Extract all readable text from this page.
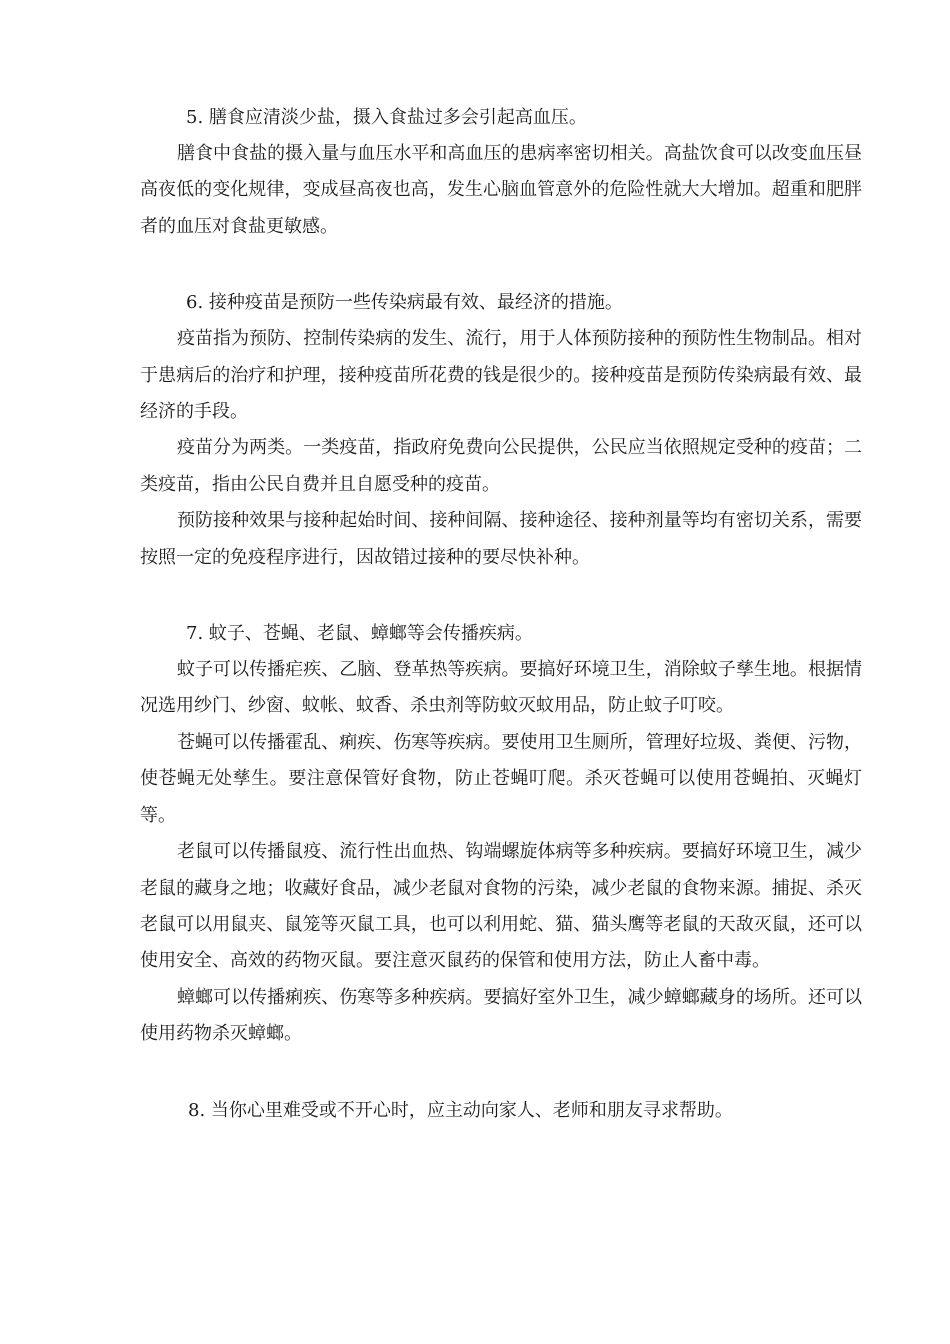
5. 膳食应清淡少盐，摄入食盐过多会引起高血压。

膳食中食盐的摄入量与血压水平和高血压的患病率密切相关。高盐饮食可以改变血压昼高夜低的变化规律，变成昼高夜也高，发生心脑血管意外的危险性就大大增加。超重和肥胖者的血压对食盐更敏感。

6. 接种疫苗是预防一些传染病最有效、最经济的措施。

疫苗指为预防、控制传染病的发生、流行，用于人体预防接种的预防性生物制品。相对于患病后的治疗和护理，接种疫苗所花费的钱是很少的。接种疫苗是预防传染病最有效、最经济的手段。

疫苗分为两类。一类疫苗，指政府免费向公民提供，公民应当依照规定受种的疫苗；二类疫苗，指由公民自费并且自愿受种的疫苗。

预防接种效果与接种起始时间、接种间隔、接种途径、接种剂量等均有密切关系，需要按照一定的免疫程序进行，因故错过接种的要尽快补种。

7. 蚊子、苍蝇、老鼠、蟑螂等会传播疾病。

蚊子可以传播疟疾、乙脑、登革热等疾病。要搞好环境卫生，消除蚊子孳生地。根据情况选用纱门、纱窗、蚊帐、蚊香、杀虫剂等防蚊灭蚊用品，防止蚊子叮咬。

苍蝇可以传播霍乱、痢疾、伤寒等疾病。要使用卫生厕所，管理好垃圾、粪便、污物，使苍蝇无处孳生。要注意保管好食物，防止苍蝇叮爬。杀灭苍蝇可以使用苍蝇拍、灭蝇灯等。

老鼠可以传播鼠疫、流行性出血热、钩端螺旋体病等多种疾病。要搞好环境卫生，减少老鼠的藏身之地；收藏好食品，减少老鼠对食物的污染，减少老鼠的食物来源。捕捉、杀灭老鼠可以用鼠夹、鼠笼等灭鼠工具，也可以利用蛇、猫、猫头鹰等老鼠的天敌灭鼠，还可以使用安全、高效的药物灭鼠。要注意灭鼠药的保管和使用方法，防止人畜中毒。

蟑螂可以传播痢疾、伤寒等多种疾病。要搞好室外卫生，减少蟑螂藏身的场所。还可以使用药物杀灭蟑螂。

8. 当你心里难受或不开心时，应主动向家人、老师和朋友寻求帮助。
